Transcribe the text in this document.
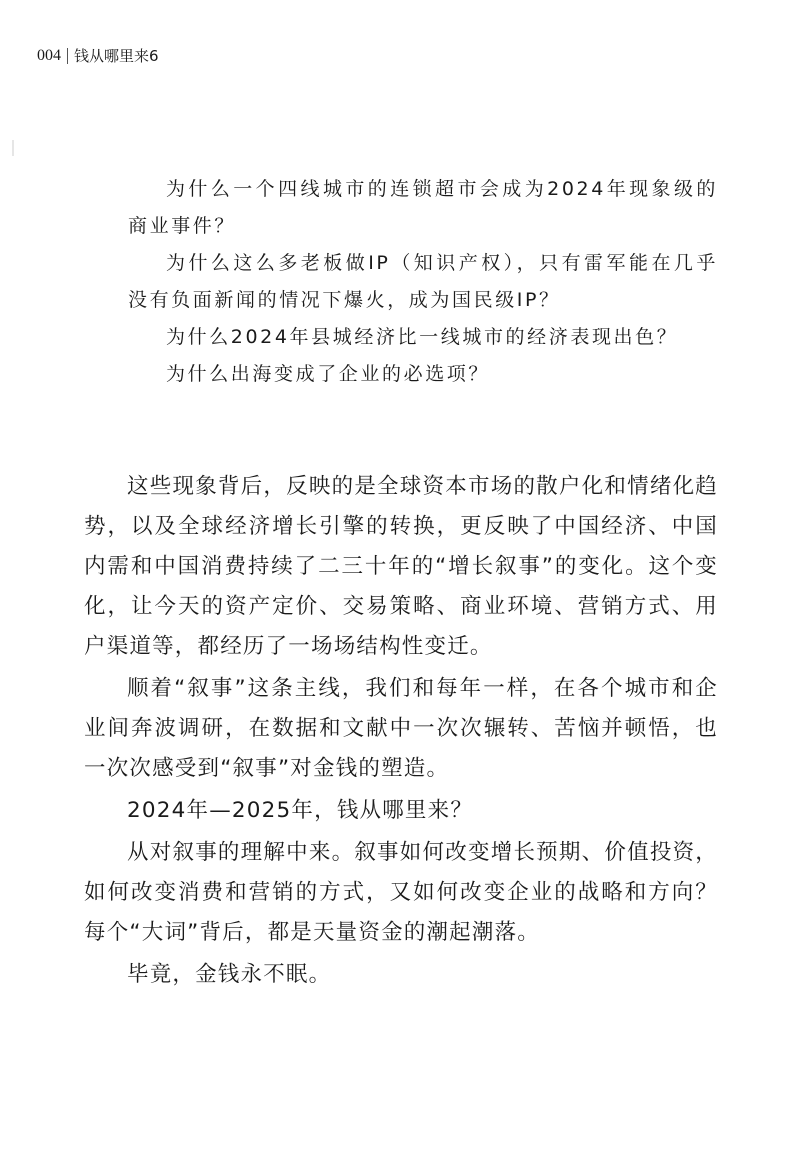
004 钱从哪里来6

为什么一个四线城市的连锁超市会成为2024年现象级的商业事件？

为什么这么多老板做IP（知识产权），只有雷军能在几乎没有负面新闻的情况下爆火，成为国民级IP？

为什么2024年县城经济比一线城市的经济表现出色？

为什么出海变成了企业的必选项？

这些现象背后，反映的是全球资本市场的散户化和情绪化趋势，以及全球经济增长引擎的转换，更反映了中国经济、中国内需和中国消费持续了二三十年的“增长叙事”的变化。这个变化，让今天的资产定价、交易策略、商业环境、营销方式、用户渠道等，都经历了一场场结构性变迁。

顺着“叙事”这条主线，我们和每年一样，在各个城市和企业间奔波调研，在数据和文献中一次次辗转、苦恼并顿悟，也一次次感受到“叙事”对金钱的塑造。

2024年—2025年，钱从哪里来？

从对叙事的理解中来。叙事如何改变增长预期、价值投资，如何改变消费和营销的方式，又如何改变企业的战略和方向？每个“大词”背后，都是天量资金的潮起潮落。

毕竟，金钱永不眠。
